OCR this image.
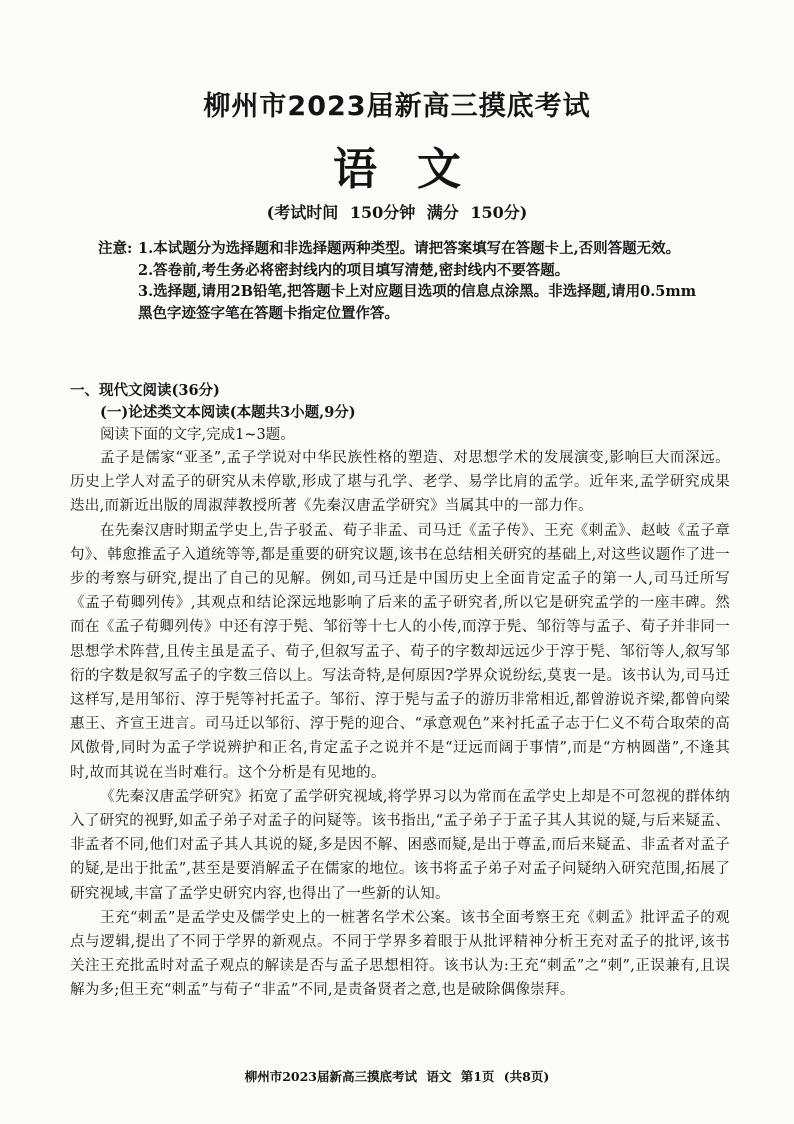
柳州市2023届新高三摸底考试
语文
(考试时间 150分钟 满分 150分)
注意: 1.本试题分为选择题和非选择题两种类型。请把答案填写在答题卡上,否则答题无效。
2.答卷前,考生务必将密封线内的项目填写清楚,密封线内不要答题。
3.选择题,请用2B铅笔,把答题卡上对应题目选项的信息点涂黑。非选择题,请用0.5mm黑色字迹签字笔在答题卡指定位置作答。

一、现代文阅读(36分)

(一)论述类文本阅读(本题共3小题,9分)

阅读下面的文字,完成1~3题。

孟子是儒家“亚圣”,孟子学说对中华民族性格的塑造、对思想学术的发展演变,影响巨大而深远。历史上学人对孟子的研究从未停歇,形成了堪与孔学、老学、易学比肩的孟学。近年来,孟学研究成果迭出,而新近出版的周淑萍教授所著《先秦汉唐孟学研究》当属其中的一部力作。

在先秦汉唐时期孟学史上,告子驳孟、荀子非孟、司马迁《孟子传》、王充《刺孟》、赵岐《孟子章句》、韩愈推孟子入道统等等,都是重要的研究议题,该书在总结相关研究的基础上,对这些议题作了进一步的考察与研究,提出了自己的见解。例如,司马迁是中国历史上全面肯定孟子的第一人,司马迁所写《孟子荀卿列传》,其观点和结论深远地影响了后来的孟子研究者,所以它是研究孟学的一座丰碑。然而在《孟子荀卿列传》中还有淳于髡、邹衍等十七人的小传,而淳于髡、邹衍等与孟子、荀子并非同一思想学术阵营,且传主虽是孟子、荀子,但叙写孟子、荀子的字数却远远少于淳于髡、邹衍等人,叙写邹衍的字数是叙写孟子的字数三倍以上。写法奇特,是何原因?学界众说纷纭,莫衷一是。该书认为,司马迁这样写,是用邹衍、淳于髡等衬托孟子。邹衍、淳于髡与孟子的游历非常相近,都曾游说齐梁,都曾向梁惠王、齐宣王进言。司马迁以邹衍、淳于髡的迎合、“承意观色”来衬托孟子志于仁义不苟合取荣的高风傲骨,同时为孟子学说辨护和正名,肯定孟子之说并不是“迂远而阔于事情”,而是“方枘圆凿”,不逢其时,故而其说在当时难行。这个分析是有见地的。

《先秦汉唐孟学研究》拓宽了孟学研究视域,将学界习以为常而在孟学史上却是不可忽视的群体纳入了研究的视野,如孟子弟子对孟子的问疑等。该书指出,“孟子弟子于孟子其人其说的疑,与后来疑孟、非孟者不同,他们对孟子其人其说的疑,多是因不解、困惑而疑,是出于尊孟,而后来疑孟、非孟者对孟子的疑,是出于批孟”,甚至是要消解孟子在儒家的地位。该书将孟子弟子对孟子问疑纳入研究范围,拓展了研究视域,丰富了孟学史研究内容,也得出了一些新的认知。

王充“刺孟”是孟学史及儒学史上的一桩著名学术公案。该书全面考察王充《刺孟》批评孟子的观点与逻辑,提出了不同于学界的新观点。不同于学界多着眼于从批评精神分析王充对孟子的批评,该书关注王充批孟时对孟子观点的解读是否与孟子思想相符。该书认为:王充“刺孟”之“刺”,正误兼有,且误解为多;但王充“刺孟”与荀子“非孟”不同,是责备贤者之意,也是破除偶像崇拜。

柳州市2023届新高三摸底考试 语文 第1页 (共8页)
